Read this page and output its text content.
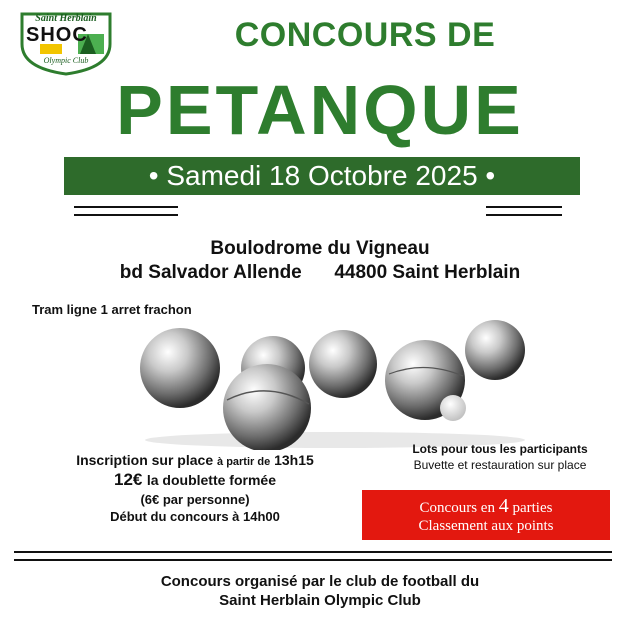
Saint Herblain
SHOC
Olympic Club
CONCOURS DE
PETANQUE
• Samedi 18 Octobre 2025 •
Boulodrome du Vigneau
bd Salvador Allende 44800 Saint Herblain
Tram ligne 1 arret frachon
Lots pour tous les participants
Buvette et restauration sur place
Inscription sur place à partir de 13h15
12€ la doublette formée
(6€ par personne)
Début du concours à 14h00
Concours en 4 parties
Classement aux points
Concours organisé par le club de football du
Saint Herblain Olympic Club
